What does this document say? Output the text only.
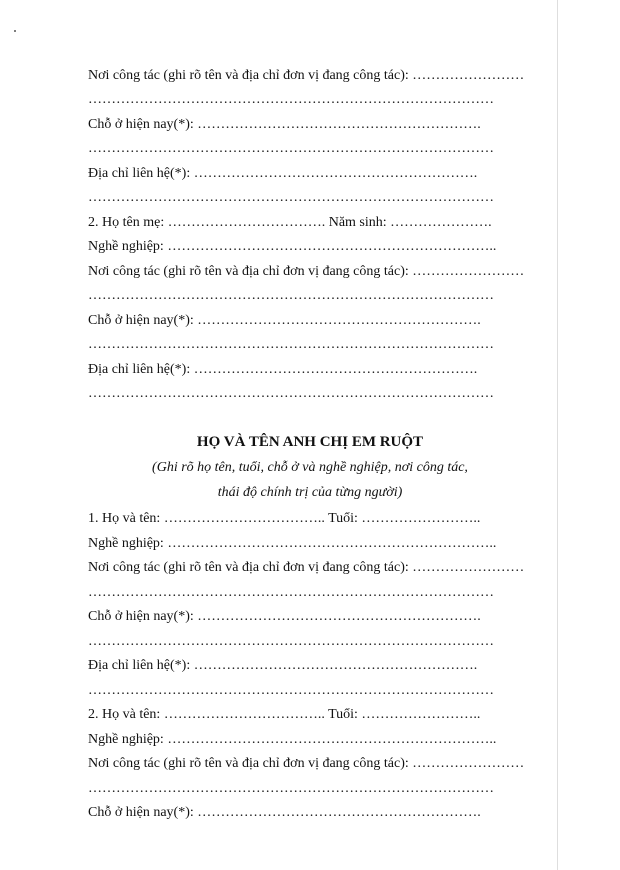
Nơi công tác (ghi rõ tên và địa chỉ đơn vị đang công tác): ……………………
……………………………………………………………………………
Chỗ ở hiện nay(*): …………………………………………………….
……………………………………………………………………………
Địa chỉ liên hệ(*): …………………………………………………….
……………………………………………………………………………
2. Họ tên mẹ: ……………………………. Năm sinh: ………………….
Nghề nghiệp: ……………………………………………………………..
Nơi công tác (ghi rõ tên và địa chỉ đơn vị đang công tác): ……………………
……………………………………………………………………………
Chỗ ở hiện nay(*): …………………………………………………….
……………………………………………………………………………
Địa chỉ liên hệ(*): …………………………………………………….
……………………………………………………………………………
HỌ VÀ TÊN ANH CHỊ EM RUỘT
(Ghi rõ họ tên, tuổi, chỗ ở và nghề nghiệp, nơi công tác,
thái độ chính trị của từng người)
1. Họ và tên: …………………………….. Tuổi: ……………………..
Nghề nghiệp: ……………………………………………………………..
Nơi công tác (ghi rõ tên và địa chỉ đơn vị đang công tác): ……………………
……………………………………………………………………………
Chỗ ở hiện nay(*): …………………………………………………….
……………………………………………………………………………
Địa chỉ liên hệ(*): …………………………………………………….
……………………………………………………………………………
2. Họ và tên: …………………………….. Tuổi: ……………………..
Nghề nghiệp: ……………………………………………………………..
Nơi công tác (ghi rõ tên và địa chỉ đơn vị đang công tác): ……………………
……………………………………………………………………………
Chỗ ở hiện nay(*): …………………………………………………….
